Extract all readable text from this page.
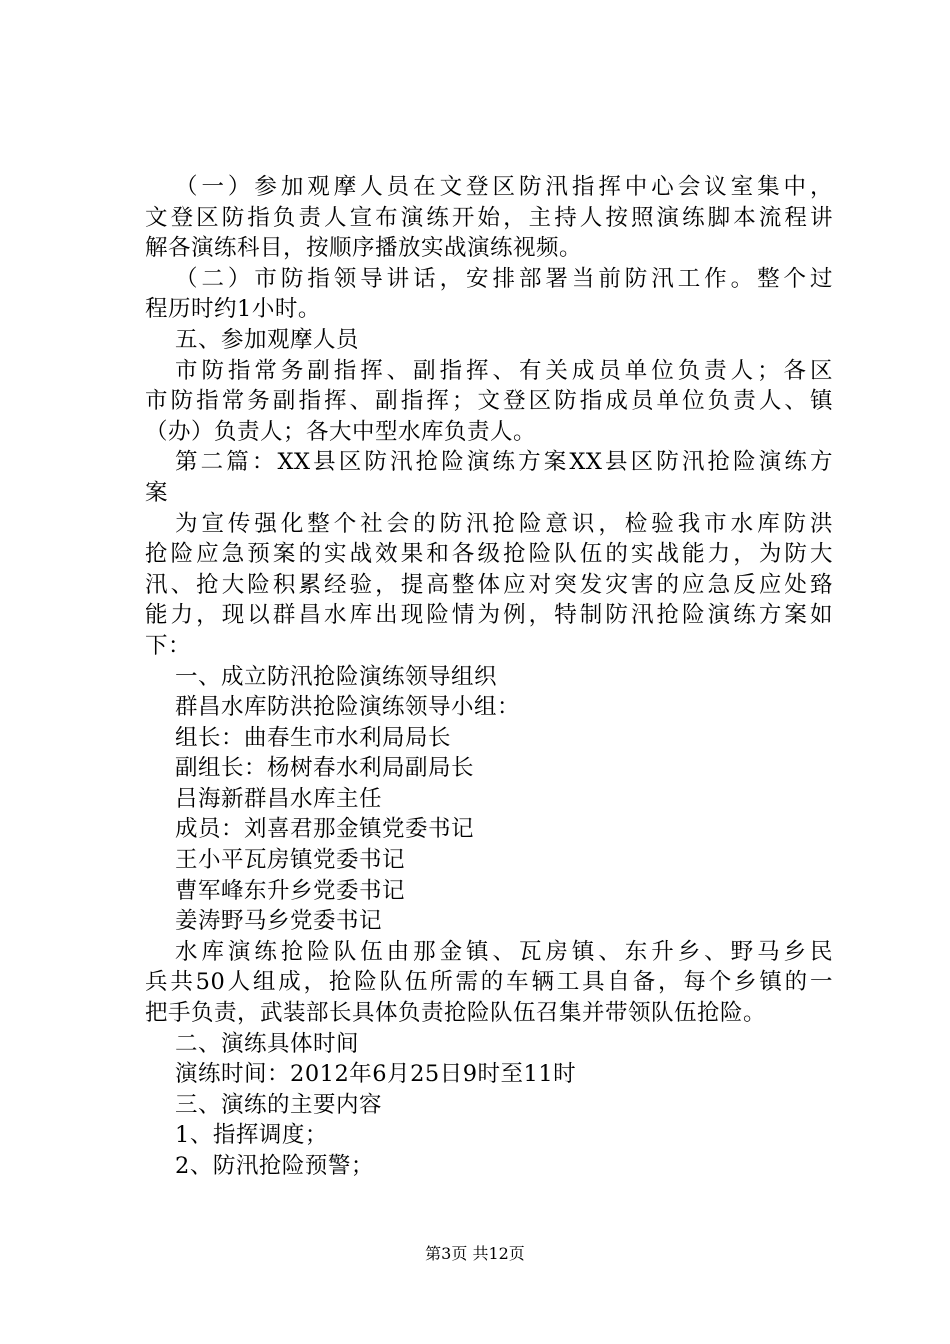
（一）参加观摩人员在文登区防汛指挥中心会议室集中，
文登区防指负责人宣布演练开始，主持人按照演练脚本流程讲
解各演练科目，按顺序播放实战演练视频。
（二）市防指领导讲话，安排部署当前防汛工作。整个过
程历时约1小时。
五、参加观摩人员
市防指常务副指挥、副指挥、有关成员单位负责人；各区
市防指常务副指挥、副指挥；文登区防指成员单位负责人、镇
（办）负责人；各大中型水库负责人。
第二篇：XX县区防汛抢险演练方案XX县区防汛抢险演练方
案
为宣传强化整个社会的防汛抢险意识，检验我市水库防洪
抢险应急预案的实战效果和各级抢险队伍的实战能力，为防大
汛、抢大险积累经验，提高整体应对突发灾害的应急反应处臵
能力，现以群昌水库出现险情为例，特制防汛抢险演练方案如
下：
一、成立防汛抢险演练领导组织
群昌水库防洪抢险演练领导小组：
组长：曲春生市水利局局长
副组长：杨树春水利局副局长
吕海新群昌水库主任
成员：刘喜君那金镇党委书记
王小平瓦房镇党委书记
曹军峰东升乡党委书记
姜涛野马乡党委书记
水库演练抢险队伍由那金镇、瓦房镇、东升乡、野马乡民
兵共50人组成，抢险队伍所需的车辆工具自备，每个乡镇的一
把手负责，武装部长具体负责抢险队伍召集并带领队伍抢险。
二、演练具体时间
演练时间：2012年6月25日9时至11时
三、演练的主要内容
1、指挥调度；
2、防汛抢险预警；
第3页 共12页
